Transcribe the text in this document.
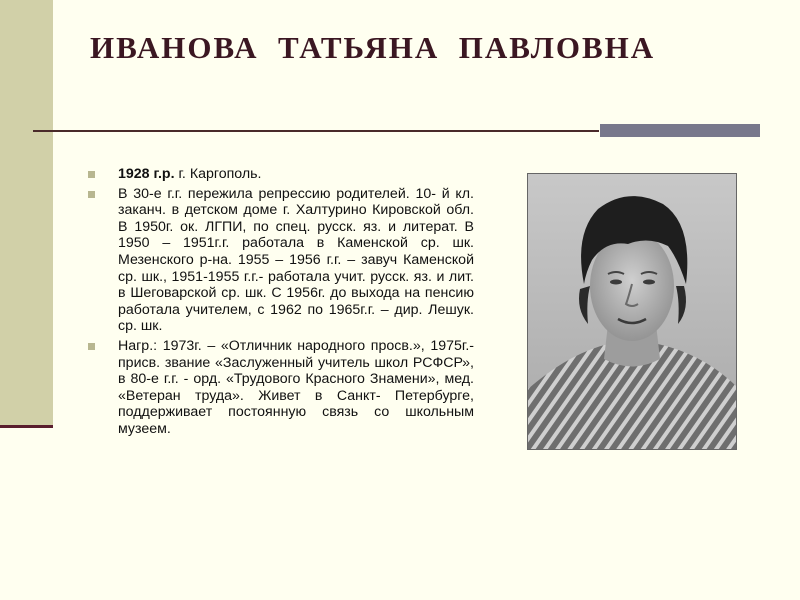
ИВАНОВА  ТАТЬЯНА  ПАВЛОВНА
1928 г.р. г. Каргополь.
В 30-е г.г. пережила репрессию родителей. 10- й кл. заканч. в детском доме г. Халтурино Кировской обл. В 1950г. ок. ЛГПИ, по спец. русск. яз. и литерат. В 1950 – 1951г.г. работала в Каменской ср. шк. Мезенского р-на. 1955 – 1956 г.г. – завуч Каменской ср. шк., 1951-1955 г.г.- работала учит. русск. яз. и лит. в Шеговарской ср. шк. С 1956г. до выхода на пенсию работала учителем, с 1962 по 1965г.г. – дир. Лешук. ср. шк.
Нагр.: 1973г. – «Отличник народного просв.», 1975г.- присв. звание «Заслуженный учитель школ РСФСР», в 80-е г.г. - орд. «Трудового Красного Знамени», мед. «Ветеран труда». Живет в Санкт- Петербурге, поддерживает постоянную связь со школьным музеем.
